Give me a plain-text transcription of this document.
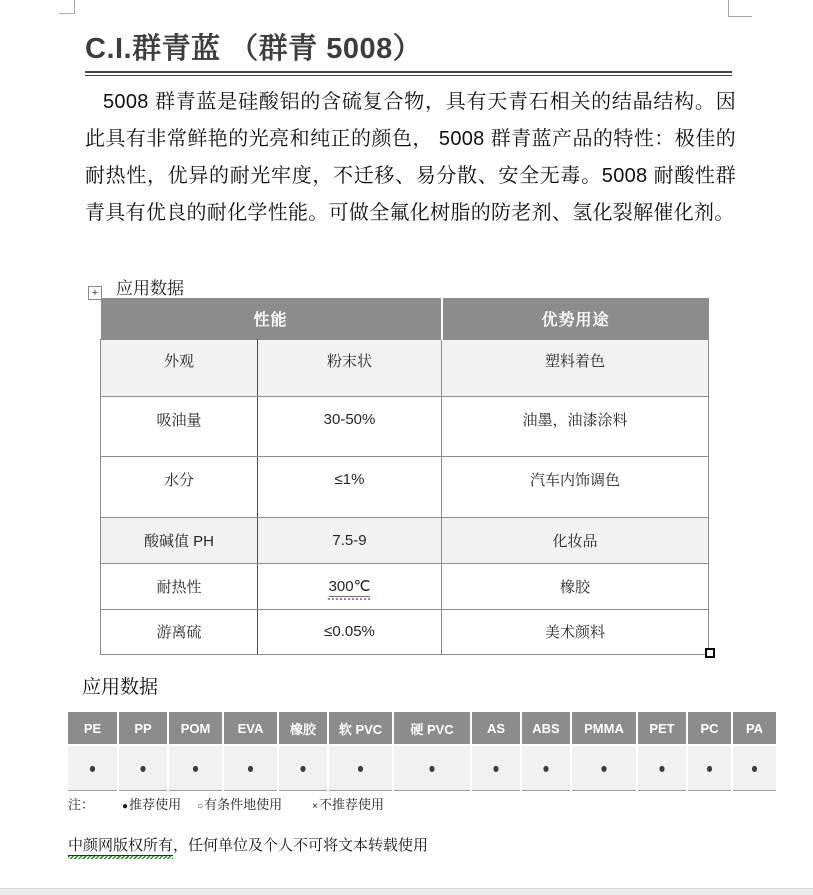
C.I.群青蓝 （群青 5008）

5008 群青蓝是硅酸铝的含硫复合物，具有天青石相关的结晶结构。因此具有非常鲜艳的光亮和纯正的颜色， 5008 群青蓝产品的特性：极佳的耐热性，优异的耐光牢度，不迁移、易分散、安全无毒。5008 耐酸性群青具有优良的耐化学性能。可做全氟化树脂的防老剂、氢化裂解催化剂。

+ 应用数据
性能		优势用途
外观	粉末状	塑料着色
吸油量	30-50%	油墨，油漆涂料
水分	≤1%	汽车内饰调色
酸碱值 PH	7.5-9	化妆品
耐热性	300℃	橡胶
游离硫	≤0.05%	美术颜料
应用数据
PE	PP	POM	EVA	橡胶	软 PVC	硬 PVC	AS	ABS	PMMA	PET	PC	PA
●	●	●	●	●	●	●	●	●	●	●	●	●
注：	●推荐使用 ○有条件地使用	×不推荐使用
中颜网版权所有，任何单位及个人不可将文本转载使用
